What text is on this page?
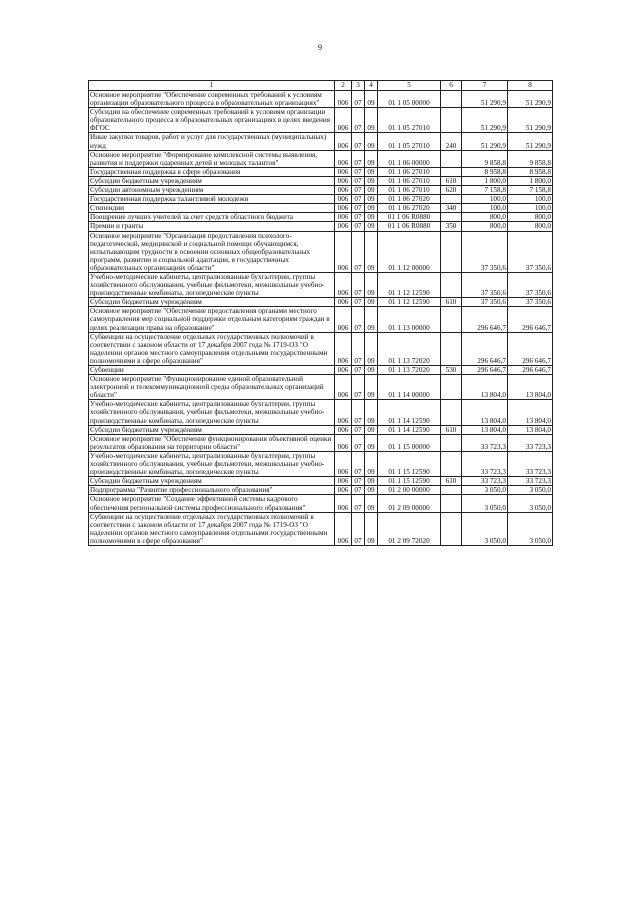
9
1	2	3	4	5	6	7	8
Основное мероприятие "Обеспечение современных требований к условиям организации образовательного процесса в образовательных организациях"	006	07	09	01 1 05 00000		51 290,9	51 290,9
Субсидии на обеспечение современных требований к условиям организации образовательного процесса в образовательных организациях в целях введения ФГОС	006	07	09	01 1 05 27010		51 290,9	51 290,9
Иные закупки товаров, работ и услуг для государственных (муниципальных) нужд	006	07	09	01 1 05 27010	240	51 290,9	51 290,9
Основное мероприятие "Формирование комплексной системы выявления, развития и поддержки одаренных детей и молодых талантов"	006	07	09	01 1 06 00000		9 858,8	9 858,8
Государственная поддержка в сфере образования	006	07	09	01 1 06 27010		8 958,8	8 958,8
Субсидии бюджетным учреждениям	006	07	09	01 1 06 27010	610	1 800,0	1 800,0
Субсидии автономным учреждениям	006	07	09	01 1 06 27010	620	7 158,8	7 158,8
Государственная поддержка талантливой молодежи	006	07	09	01 1 06 27020		100,0	100,0
Стипендии	006	07	09	01 1 06 27020	340	100,0	100,0
Поощрение лучших учителей за счет средств областного бюджета	006	07	09	01 1 06 R0880		800,0	800,0
Премии и гранты	006	07	09	01 1 06 R0880	350	800,0	800,0
Основное мероприятие "Организация предоставления психолого-педагогической, медицинской и социальной помощи обучающимся, испытывающим трудности в освоении основных общеобразовательных программ, развитии и социальной адаптации, в государственных образовательных организациях области"	006	07	09	01 1 12 00000		37 350,6	37 350,6
Учебно-методические кабинеты, централизованные бухгалтерии, группы хозяйственного обслуживания, учебные фильмотеки, межшкольные учебно-производственные комбинаты, логопедические пункты	006	07	09	01 1 12 12590		37 350,6	37 350,6
Субсидии бюджетным учреждениям	006	07	09	01 1 12 12590	610	37 350,6	37 350,6
Основное мероприятие "Обеспечение предоставления органами местного самоуправления мер социальной поддержки отдельным категориям граждан в целях реализации права на образование"	006	07	09	01 1 13 00000		296 646,7	296 646,7
Субвенции на осуществление отдельных государственных полномочий в соответствии с законом области от 17 декабря 2007 года № 1719-ОЗ "О наделении органов местного самоуправления отдельными государственными полномочиями в сфере образования"	006	07	09	01 1 13 72020		296 646,7	296 646,7
Субвенции	006	07	09	01 1 13 72020	530	296 646,7	296 646,7
Основное мероприятие "Функционирование единой образовательной электронной и телекоммуникационной среды образовательных организаций области"	006	07	09	01 1 14 00000		13 804,0	13 804,0
Учебно-методические кабинеты, централизованные бухгалтерии, группы хозяйственного обслуживания, учебные фильмотеки, межшкольные учебно-производственные комбинаты, логопедические пункты	006	07	09	01 1 14 12590		13 804,0	13 804,0
Субсидии бюджетным учреждениям	006	07	09	01 1 14 12590	610	13 804,0	13 804,0
Основное мероприятие "Обеспечение функционирования объективной оценки результатов образования на территории области"	006	07	09	01 1 15 00000		33 723,3	33 723,3
Учебно-методические кабинеты, централизованные бухгалтерии, группы хозяйственного обслуживания, учебные фильмотеки, межшкольные учебно-производственные комбинаты, логопедические пункты	006	07	09	01 1 15 12590		33 723,3	33 723,3
Субсидии бюджетным учреждениям	006	07	09	01 1 15 12590	610	33 723,3	33 723,3
Подпрограмма "Развитие профессионального образования"	006	07	09	01 2 00 00000		3 050,0	3 050,0
Основное мероприятие "Создание эффективной системы кадрового обеспечения региональной системы профессионального образования"	006	07	09	01 2 09 00000		3 050,0	3 050,0
Субвенции на осуществление отдельных государственных полномочий в соответствии с законом области от 17 декабря 2007 года № 1719-ОЗ "О наделении органов местного самоуправления отдельными государственными полномочиями в сфере образования"	006	07	09	01 2 09 72020		3 050,0	3 050,0
